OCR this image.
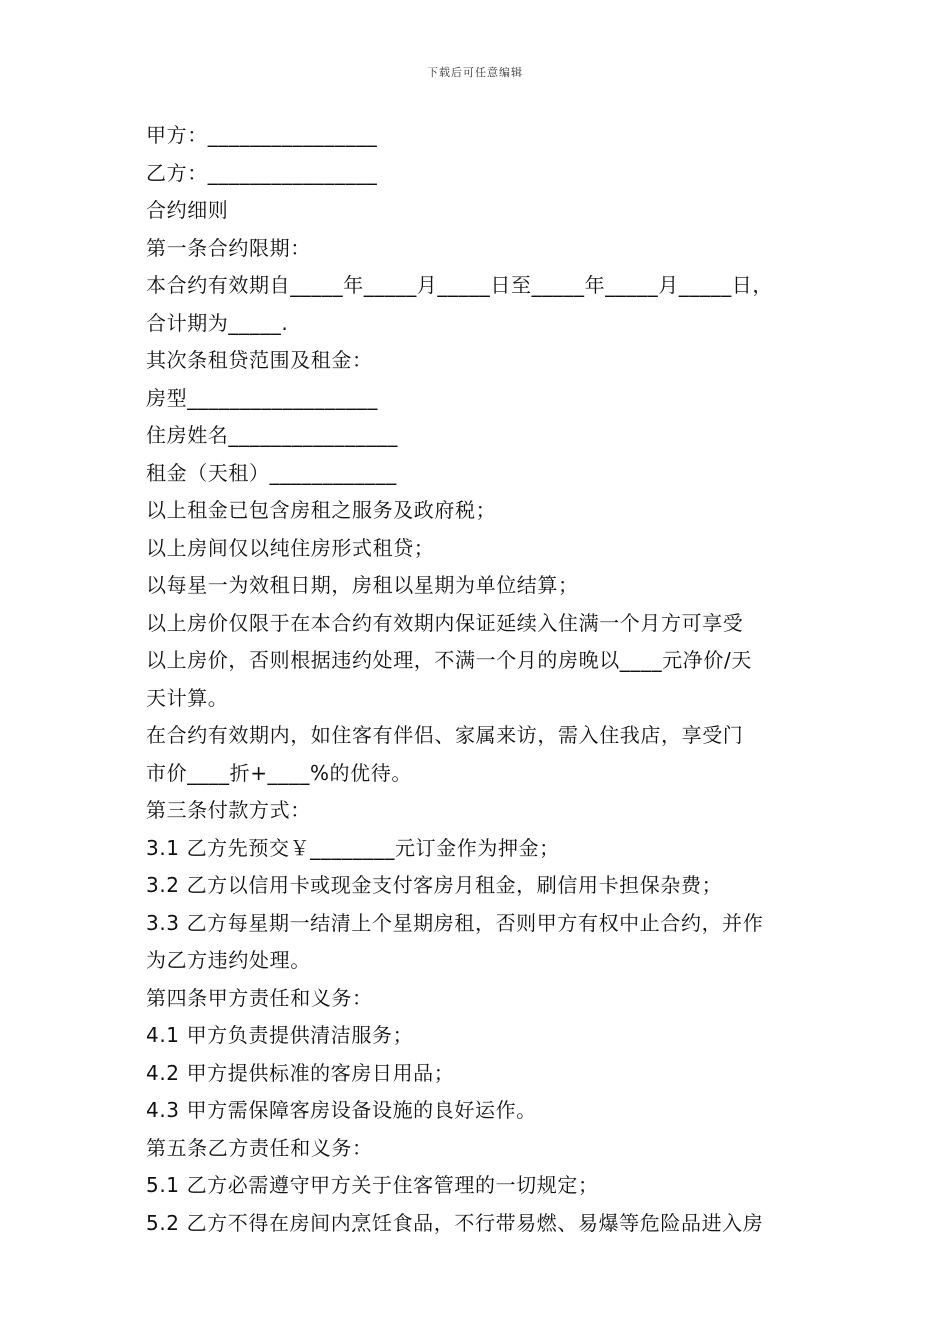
下载后可任意编辑
甲方：________________
乙方：________________
合约细则
第一条合约限期：
本合约有效期自_____年_____月_____日至_____年_____月_____日，
合计期为_____.
其次条租贷范围及租金：
房型__________________
住房姓名________________
租金（天租）____________
以上租金已包含房租之服务及政府税；
以上房间仅以纯住房形式租贷；
以每星一为效租日期，房租以星期为单位结算；
以上房价仅限于在本合约有效期内保证延续入住满一个月方可享受
以上房价，否则根据违约处理，不满一个月的房晚以____元净价/天
天计算。
在合约有效期内，如住客有伴侣、家属来访，需入住我店，享受门
市价____折+____%的优待。
第三条付款方式：
3.1 乙方先预交￥________元订金作为押金；
3.2 乙方以信用卡或现金支付客房月租金，刷信用卡担保杂费；
3.3 乙方每星期一结清上个星期房租，否则甲方有权中止合约，并作
为乙方违约处理。
第四条甲方责任和义务：
4.1 甲方负责提供清洁服务；
4.2 甲方提供标准的客房日用品；
4.3 甲方需保障客房设备设施的良好运作。
第五条乙方责任和义务：
5.1 乙方必需遵守甲方关于住客管理的一切规定；
5.2 乙方不得在房间内烹饪食品，不行带易燃、易爆等危险品进入房
